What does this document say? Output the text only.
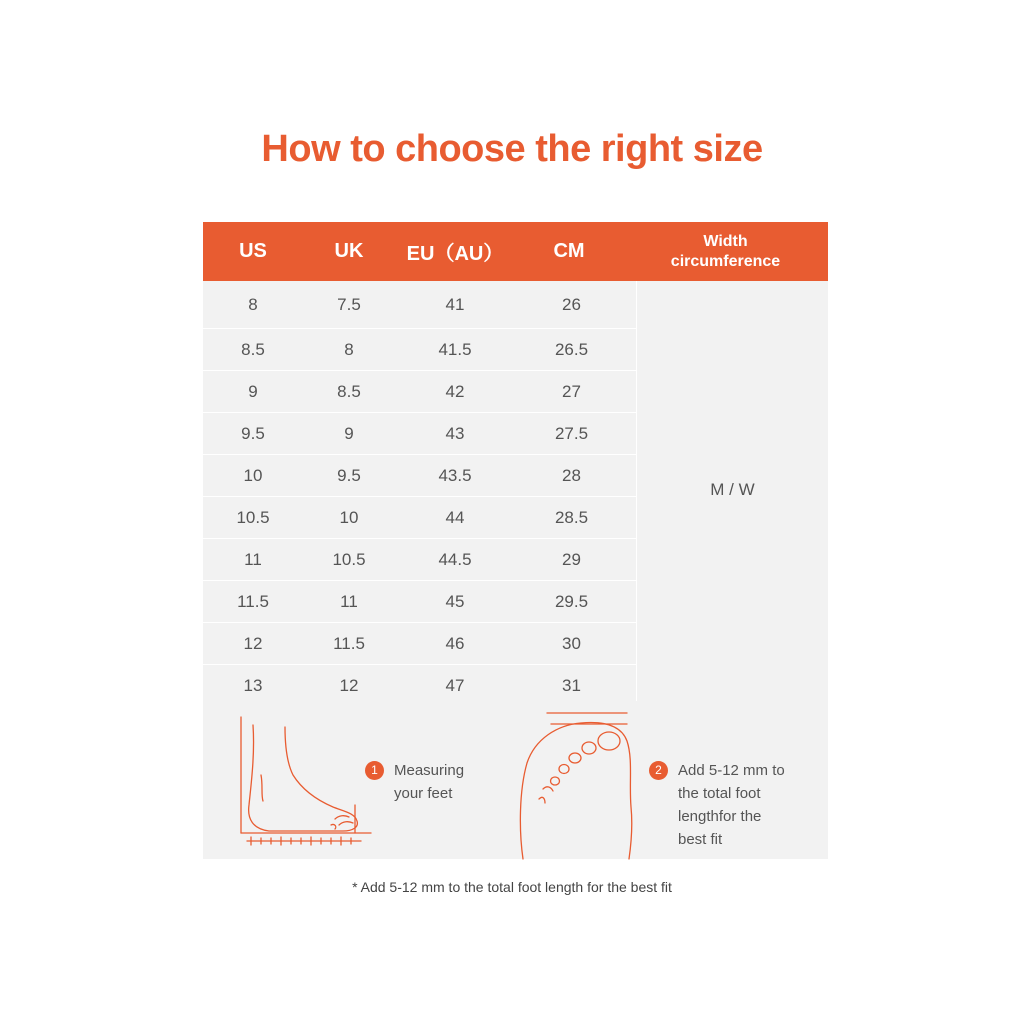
How to choose the right size
US	UK	EU（AU）	CM	Width
circumference
8	7.5	41	26
8.5	8	41.5	26.5
9	8.5	42	27
9.5	9	43	27.5
10	9.5	43.5	28
10.5	10	44	28.5
11	10.5	44.5	29
11.5	11	45	29.5
12	11.5	46	30
13	12	47	31
M / W
1	Measuring
your feet
2	Add 5-12 mm to
the total foot
lengthfor the
best fit
* Add 5-12 mm to the total foot length for the best fit
